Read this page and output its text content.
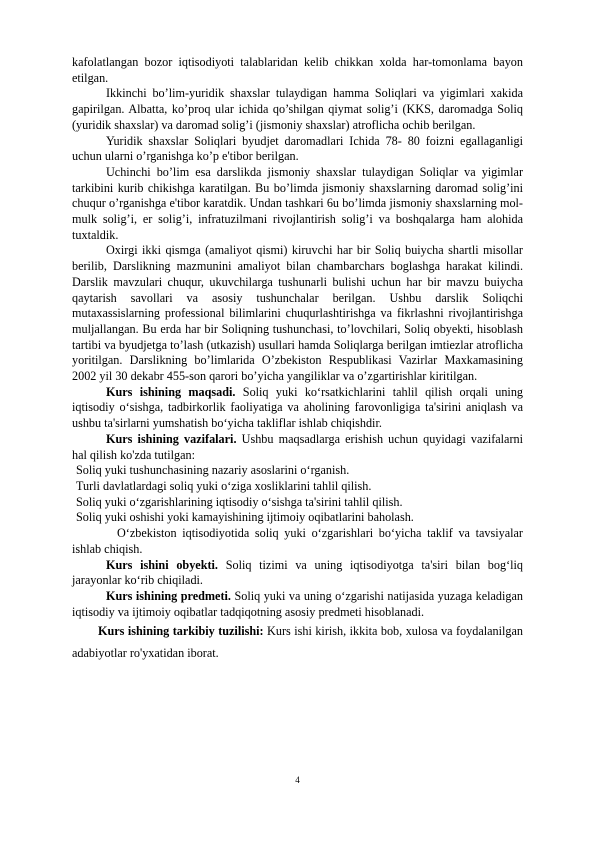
kafolatlangan bozor iqtisodiyoti talablaridan kelib chikkan xolda har-tomonlama bayon etilgan.

Ikkinchi bo’lim-yuridik shaxslar tulaydigan hamma Soliqlari va yigimlari xakida gapirilgan. Albatta, ko’proq ular ichida qo’shilgan qiymat solig’i (KKS, daromadga Soliq (yuridik shaxslar) va daromad solig’i (jismoniy shaxslar) atroflicha ochib berilgan.

Yuridik shaxslar Soliqlari byudjet daromadlari Ichida 78- 80 foizni egallaganligi uchun ularni o’rganishga ko’p e'tibor berilgan.

Uchinchi bo’lim esa darslikda jismoniy shaxslar tulaydigan Soliqlar va yigimlar tarkibini kurib chikishga karatilgan. Bu bo’limda jismoniy shaxslarning daromad solig’ini chuqur o’rganishga e'tibor karatdik. Undan tashkari 6u bo’limda jismoniy shaxslarning mol-mulk solig’i, er solig’i, infratuzilmani rivojlantirish solig’i va boshqalarga ham alohida tuxtaldik.

Oxirgi ikki qismga (amaliyot qismi) kiruvchi har bir Soliq buiycha shartli misollar berilib, Darslikning mazmunini amaliyot bilan chambarchars boglashga harakat kilindi. Darslik mavzulari chuqur, ukuvchilarga tushunarli bulishi uchun har bir mavzu buiycha qaytarish savollari va asosiy tushunchalar berilgan. Ushbu darslik Soliqchi mutaxassislarning professional bilimlarini chuqurlashtirishga va fikrlashni rivojlantirishga muljallangan. Bu erda har bir Soliqning tushunchasi, to’lovchilari, Soliq obyekti, hisoblash tartibi va byudjetga to’lash (utkazish) usullari hamda Soliqlarga berilgan imtiezlar atroflicha yoritilgan. Darslikning bo’limlarida O’zbekiston Respublikasi Vazirlar Maxkamasining 2002 yil 30 dekabr 455-son qarori bo’yicha yangiliklar va o’zgartirishlar kiritilgan.

Kurs ishining maqsadi. Soliq yuki ko‘rsatkichlarini tahlil qilish orqali uning iqtisodiy o‘sishga, tadbirkorlik faoliyatiga va aholining farovonligiga ta'sirini aniqlash va ushbu ta'sirlarni yumshatish bo‘yicha takliflar ishlab chiqishdir.

Kurs ishining vazifalari. Ushbu maqsadlarga erishish uchun quyidagi vazifalarni hal qilish ko'zda tutilgan:

Soliq yuki tushunchasining nazariy asoslarini o‘rganish.

Turli davlatlardagi soliq yuki o‘ziga xosliklarini tahlil qilish.

Soliq yuki o‘zgarishlarining iqtisodiy o‘sishga ta'sirini tahlil qilish.

Soliq yuki oshishi yoki kamayishining ijtimoiy oqibatlarini baholash.

O‘zbekiston iqtisodiyotida soliq yuki o‘zgarishlari bo‘yicha taklif va tavsiyalar ishlab chiqish.

Kurs ishini obyekti. Soliq tizimi va uning iqtisodiyotga ta'siri bilan bog‘liq jarayonlar ko‘rib chiqiladi.

Kurs ishining predmeti. Soliq yuki va uning o‘zgarishi natijasida yuzaga keladigan iqtisodiy va ijtimoiy oqibatlar tadqiqotning asosiy predmeti hisoblanadi.

Kurs ishining tarkibiy tuzilishi: Kurs ishi kirish, ikkita bob, xulosa va foydalanilgan adabiyotlar ro'yxatidan iborat.

4
